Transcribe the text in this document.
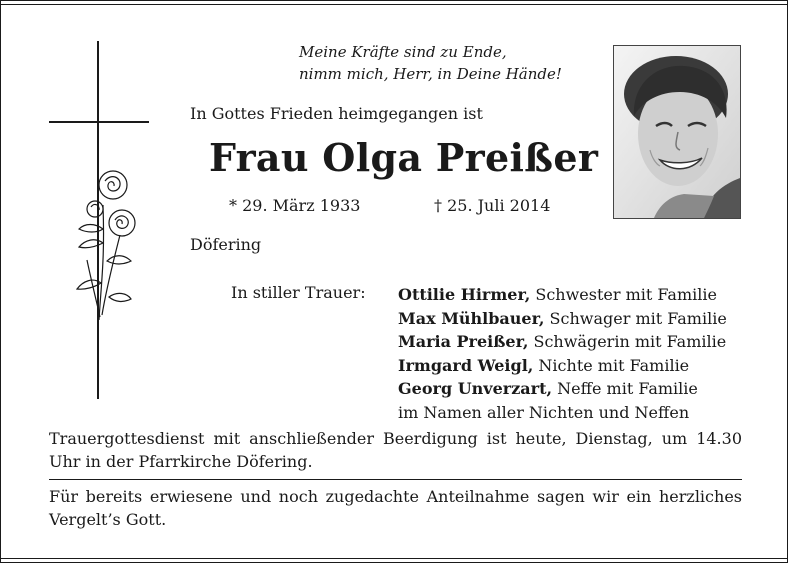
Meine Kräfte sind zu Ende,
nimm mich, Herr, in Deine Hände!
In Gottes Frieden heimgegangen ist
Frau Olga Preißer
* 29. März 1933	† 25. Juli 2014
Döfering
In stiller Trauer: Ottilie Hirmer, Schwester mit Familie
Max Mühlbauer, Schwager mit Familie
Maria Preißer, Schwägerin mit Familie
Irmgard Weigl, Nichte mit Familie
Georg Unverzart, Neffe mit Familie
im Namen aller Nichten und Neffen
Trauergottesdienst mit anschließender Beerdigung ist heute, Dienstag, um 14.30 Uhr in der Pfarrkirche Döfering.
Für bereits erwiesene und noch zugedachte Anteilnahme sagen wir ein herzliches Vergelt’s Gott.
